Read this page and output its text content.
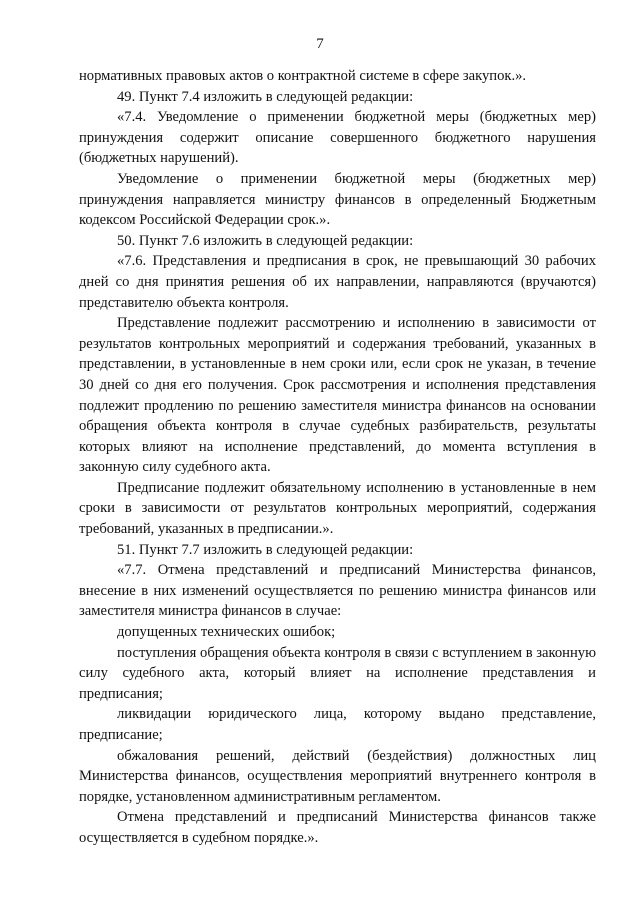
7

нормативных правовых актов о контрактной системе в сфере закупок.».

49. Пункт 7.4 изложить в следующей редакции:

«7.4. Уведомление о применении бюджетной меры (бюджетных мер) принуждения содержит описание совершенного бюджетного нарушения (бюджетных нарушений).

Уведомление о применении бюджетной меры (бюджетных мер) принуждения направляется министру финансов в определенный Бюджетным кодексом Российской Федерации срок.».

50. Пункт 7.6 изложить в следующей редакции:

«7.6. Представления и предписания в срок, не превышающий 30 рабочих дней со дня принятия решения об их направлении, направляются (вручаются) представителю объекта контроля.

Представление подлежит рассмотрению и исполнению в зависимости от результатов контрольных мероприятий и содержания требований, указанных в представлении, в установленные в нем сроки или, если срок не указан, в течение 30 дней со дня его получения. Срок рассмотрения и исполнения представления подлежит продлению по решению заместителя министра финансов на основании обращения объекта контроля в случае судебных разбирательств, результаты которых влияют на исполнение представлений, до момента вступления в законную силу судебного акта.

Предписание подлежит обязательному исполнению в установленные в нем сроки в зависимости от результатов контрольных мероприятий, содержания требований, указанных в предписании.».

51. Пункт 7.7 изложить в следующей редакции:

«7.7. Отмена представлений и предписаний Министерства финансов, внесение в них изменений осуществляется по решению министра финансов или заместителя министра финансов в случае:

допущенных технических ошибок;

поступления обращения объекта контроля в связи с вступлением в законную силу судебного акта, который влияет на исполнение представления и предписания;

ликвидации юридического лица, которому выдано представление, предписание;

обжалования решений, действий (бездействия) должностных лиц Министерства финансов, осуществления мероприятий внутреннего контроля в порядке, установленном административным регламентом.

Отмена представлений и предписаний Министерства финансов также осуществляется в судебном порядке.».
